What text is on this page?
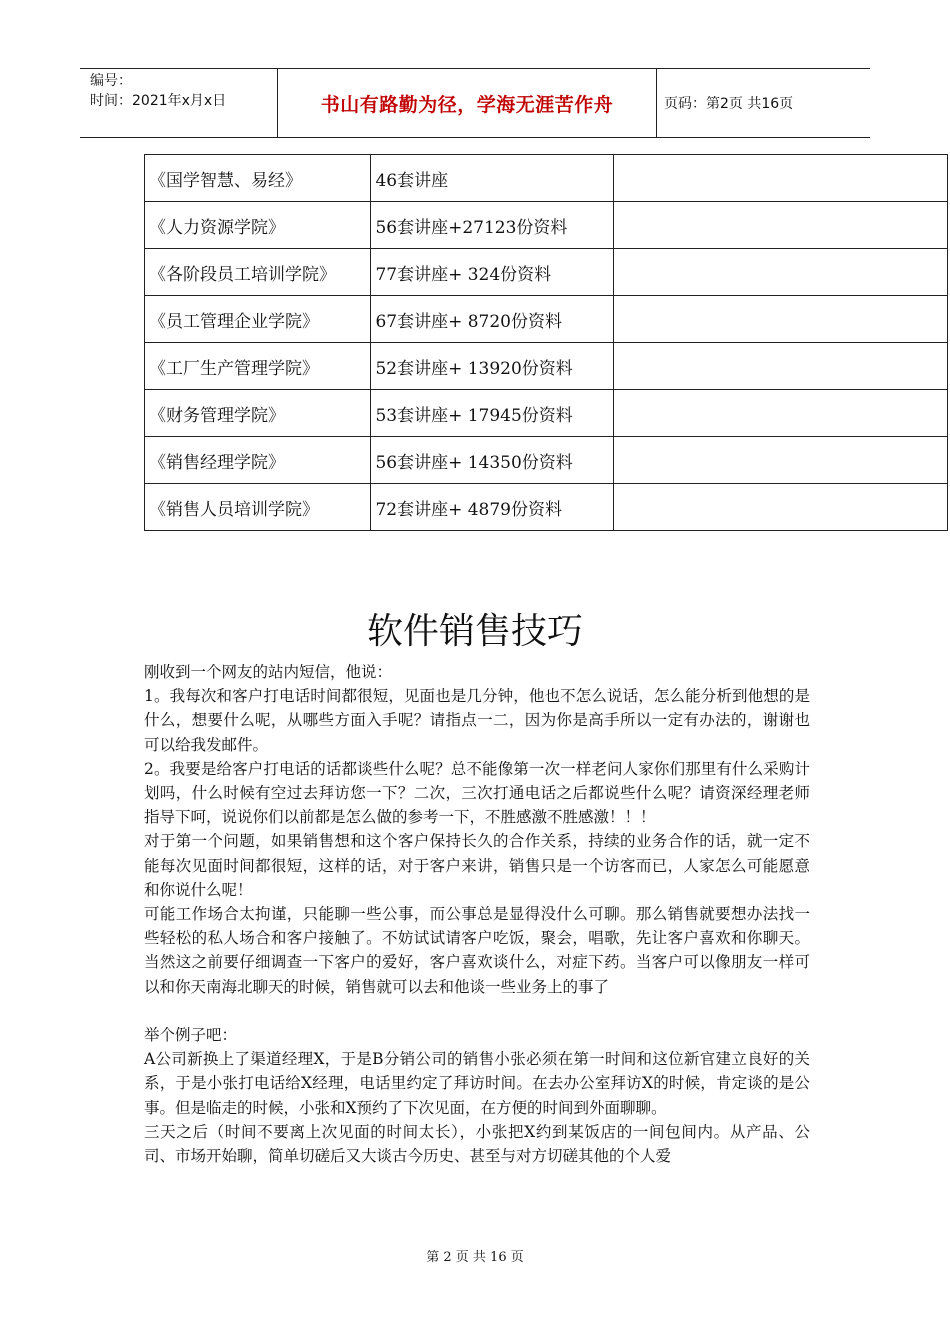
编号：
时间：2021年x月x日	书山有路勤为径，学海无涯苦作舟	页码：第2页 共16页
《国学智慧、易经》	46套讲座	
《人力资源学院》	56套讲座+27123份资料	
《各阶段员工培训学院》	77套讲座+ 324份资料	
《员工管理企业学院》	67套讲座+ 8720份资料	
《工厂生产管理学院》	52套讲座+ 13920份资料	
《财务管理学院》	53套讲座+ 17945份资料	
《销售经理学院》	56套讲座+ 14350份资料	
《销售人员培训学院》	72套讲座+ 4879份资料	
软件销售技巧

刚收到一个网友的站内短信，他说：

1。我每次和客户打电话时间都很短，见面也是几分钟，他也不怎么说话，怎么能分析到他想的是什么，想要什么呢，从哪些方面入手呢？请指点一二，因为你是高手所以一定有办法的，谢谢也可以给我发邮件。

2。我要是给客户打电话的话都谈些什么呢？总不能像第一次一样老问人家你们那里有什么采购计划吗，什么时候有空过去拜访您一下？二次，三次打通电话之后都说些什么呢？请资深经理老师指导下呵，说说你们以前都是怎么做的参考一下，不胜感激不胜感激！！！

对于第一个问题，如果销售想和这个客户保持长久的合作关系，持续的业务合作的话，就一定不能每次见面时间都很短，这样的话，对于客户来讲，销售只是一个访客而已，人家怎么可能愿意和你说什么呢！

可能工作场合太拘谨，只能聊一些公事，而公事总是显得没什么可聊。那么销售就要想办法找一些轻松的私人场合和客户接触了。不妨试试请客户吃饭，聚会，唱歌，先让客户喜欢和你聊天。当然这之前要仔细调查一下客户的爱好，客户喜欢谈什么，对症下药。当客户可以像朋友一样可以和你天南海北聊天的时候，销售就可以去和他谈一些业务上的事了

举个例子吧：

A公司新换上了渠道经理X，于是B分销公司的销售小张必须在第一时间和这位新官建立良好的关系，于是小张打电话给X经理，电话里约定了拜访时间。在去办公室拜访X的时候，肯定谈的是公事。但是临走的时候，小张和X预约了下次见面，在方便的时间到外面聊聊。

三天之后（时间不要离上次见面的时间太长），小张把X约到某饭店的一间包间内。从产品、公司、市场开始聊，简单切磋后又大谈古今历史、甚至与对方切磋其他的个人爱

第 2 页 共 16 页
